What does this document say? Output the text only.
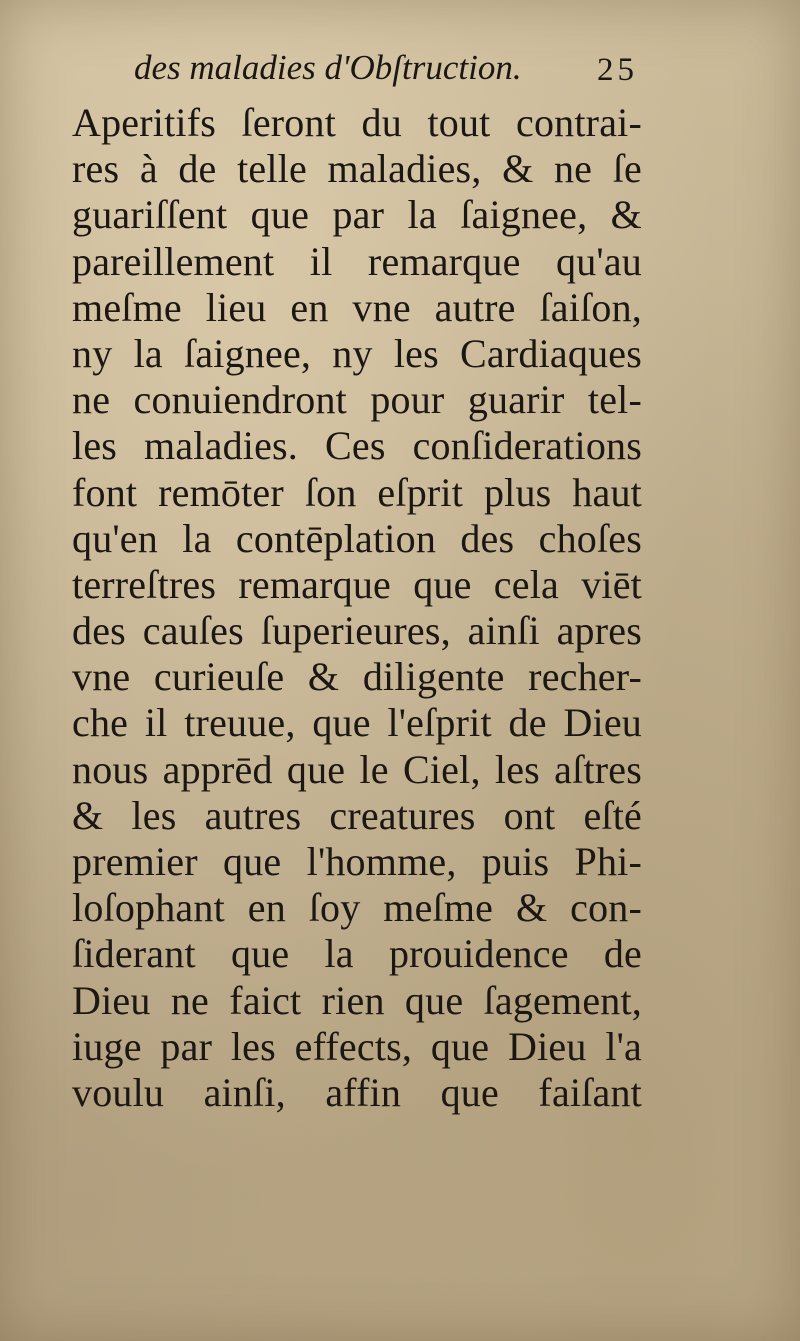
des maladies d'Obſtruction. 25
Aperitifs ſeront du tout contrai-
res à de telle maladies, & ne ſe
guariſſent que par la ſaignee, &
pareillement il remarque qu'au
meſme lieu en vne autre ſaiſon,
ny la ſaignee, ny les Cardiaques
ne conuiendront pour guarir tel-
les maladies. Ces conſiderations
font remōter ſon eſprit plus haut
qu'en la contēplation des choſes
terreſtres remarque que cela viēt
des cauſes ſuperieures, ainſi apres
vne curieuſe & diligente recher-
che il treuue, que l'eſprit de Dieu
nous apprēd que le Ciel, les aſtres
& les autres creatures ont eſté
premier que l'homme, puis Phi-
loſophant en ſoy meſme & con-
ſiderant que la prouidence de
Dieu ne faict rien que ſagement,
iuge par les effects, que Dieu l'a
voulu ainſi, affin que faiſant
